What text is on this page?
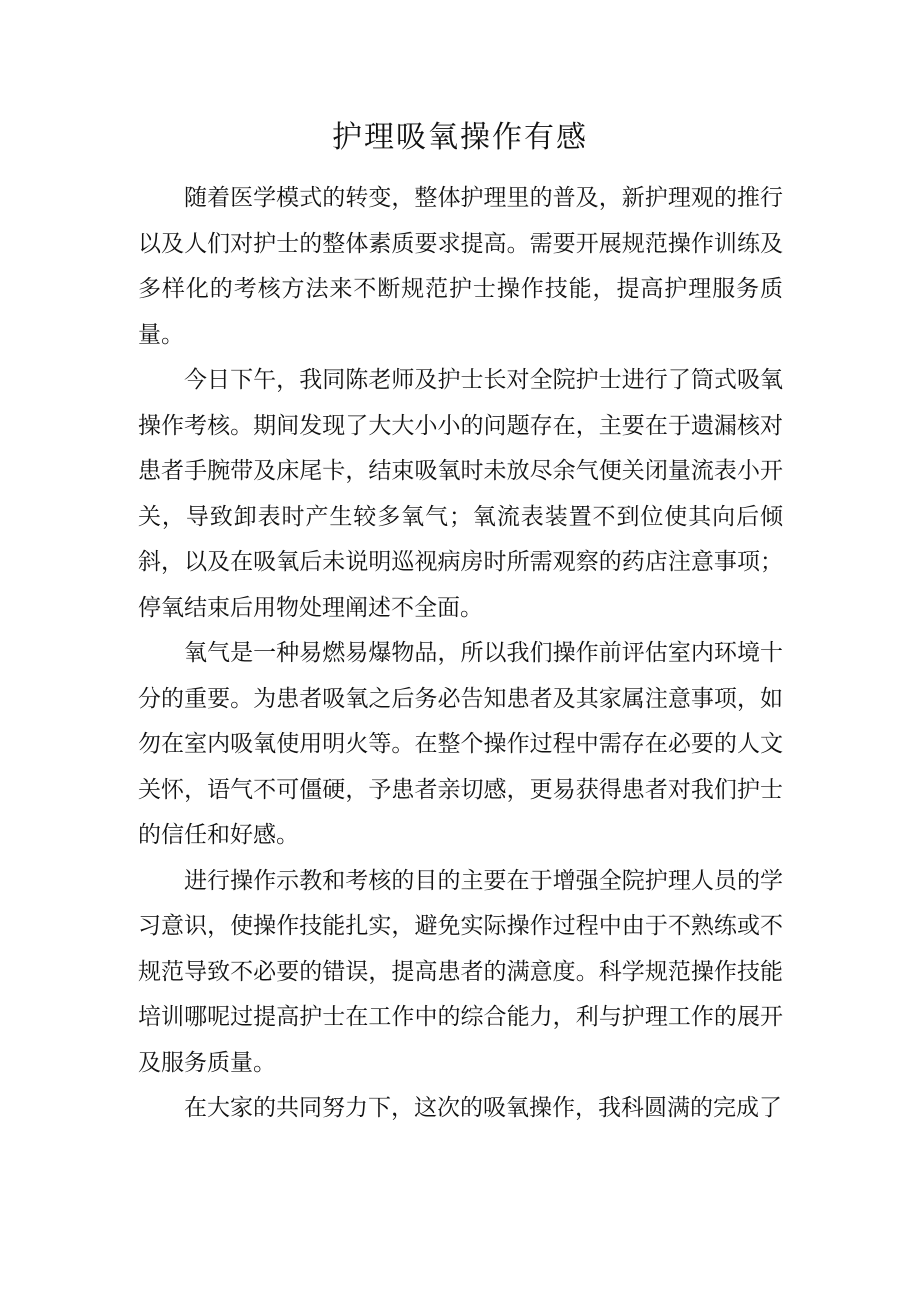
护理吸氧操作有感

随着医学模式的转变，整体护理里的普及，新护理观的推行以及人们对护士的整体素质要求提高。需要开展规范操作训练及多样化的考核方法来不断规范护士操作技能，提高护理服务质量。

今日下午，我同陈老师及护士长对全院护士进行了筒式吸氧操作考核。期间发现了大大小小的问题存在，主要在于遗漏核对患者手腕带及床尾卡，结束吸氧时未放尽余气便关闭量流表小开关，导致卸表时产生较多氧气；氧流表装置不到位使其向后倾斜，以及在吸氧后未说明巡视病房时所需观察的药店注意事项；停氧结束后用物处理阐述不全面。

氧气是一种易燃易爆物品，所以我们操作前评估室内环境十分的重要。为患者吸氧之后务必告知患者及其家属注意事项，如勿在室内吸氧使用明火等。在整个操作过程中需存在必要的人文关怀，语气不可僵硬，予患者亲切感，更易获得患者对我们护士的信任和好感。

进行操作示教和考核的目的主要在于增强全院护理人员的学习意识，使操作技能扎实，避免实际操作过程中由于不熟练或不规范导致不必要的错误，提高患者的满意度。科学规范操作技能培训哪呢过提高护士在工作中的综合能力，利与护理工作的展开及服务质量。

在大家的共同努力下，这次的吸氧操作，我科圆满的完成了
